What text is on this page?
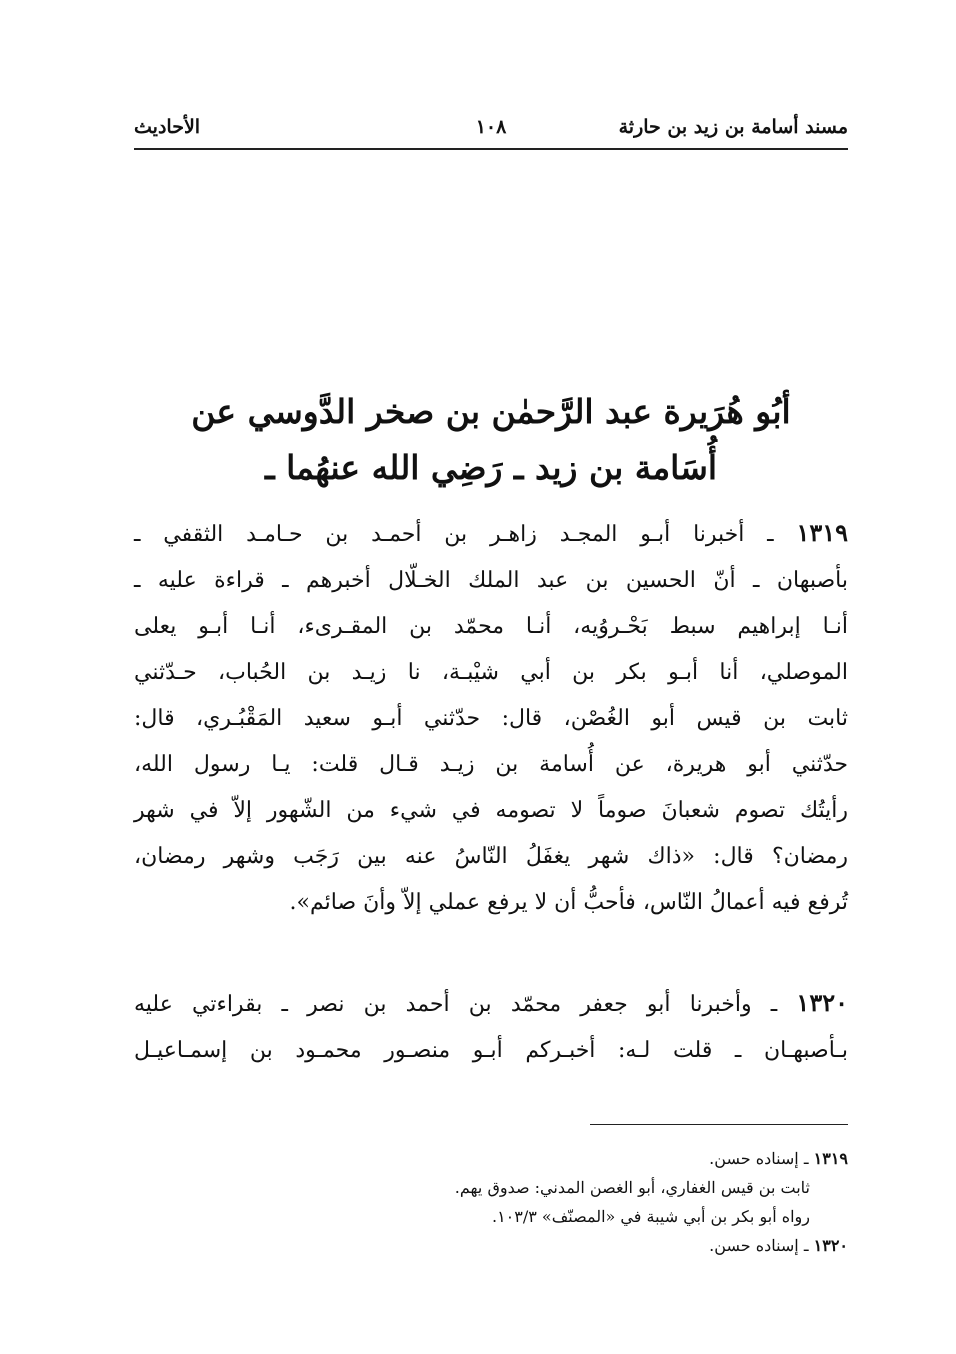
مسند أسامة بن زيد بن حارثة
١٠٨
الأحاديث
أبُو هُرَيرة عبد الرَّحمٰن بن صخر الدَّوسي عن
أُسَامة بن زيد ـ رَضِي الله عنهُما ـ
١٣١٩ ـ أخبرنا أبـو المجـد زاهـر بن أحمـد بن حـامـد الثقفي ـ
بأصبهان ـ أنّ الحسين بن عبد الملك الخـلّال أخبرهم ـ قراءة عليه ـ
أنـا إبراهيم سبط بَحْـروُيه، أنـا محمّد بن المقـرىء، أنـا أبـو يعلى
الموصلي، أنا أبـو بكر بن أبي شيْبـة، نا زيـد بن الحُباب، حـدّثني
ثابت بن قيس أبو الغُصْن، قال: حدّثني أبـو سعيد المَقْبُـري، قال:
حدّثني أبو هريرة، عن أُسامة بن زيـد قـال قلت: يـا رسول الله،
رأيتُك تصوم شعبانَ صوماً لا تصومه في شيء من الشّهور إلاّ في شهر
رمضان؟ قال: «ذاك شهر يغفَلُ النّاسُ عنه بين رَجَب وشهر رمضان،
تُرفع فيه أعمالُ النّاس، فأحبُّ أن لا يرفع عملي إلاّ وأنَ صائم».
١٣٢٠ ـ وأخبرنا أبو جعفر محمّد بن أحمد بن نصر ـ بقراءتي عليه
بـأصبهـان ـ قلت لـه: أخبـركم أبـو منصـور محمـود بن إسمـاعيـل
١٣١٩ ـ إسناده حسن.
ثابت بن قيس الغفاري، أبو الغصن المدني: صدوق يهم.
رواه أبو بكر بن أبي شيبة في «المصنّف» ١٠٣/٣.
١٣٢٠ ـ إسناده حسن.
